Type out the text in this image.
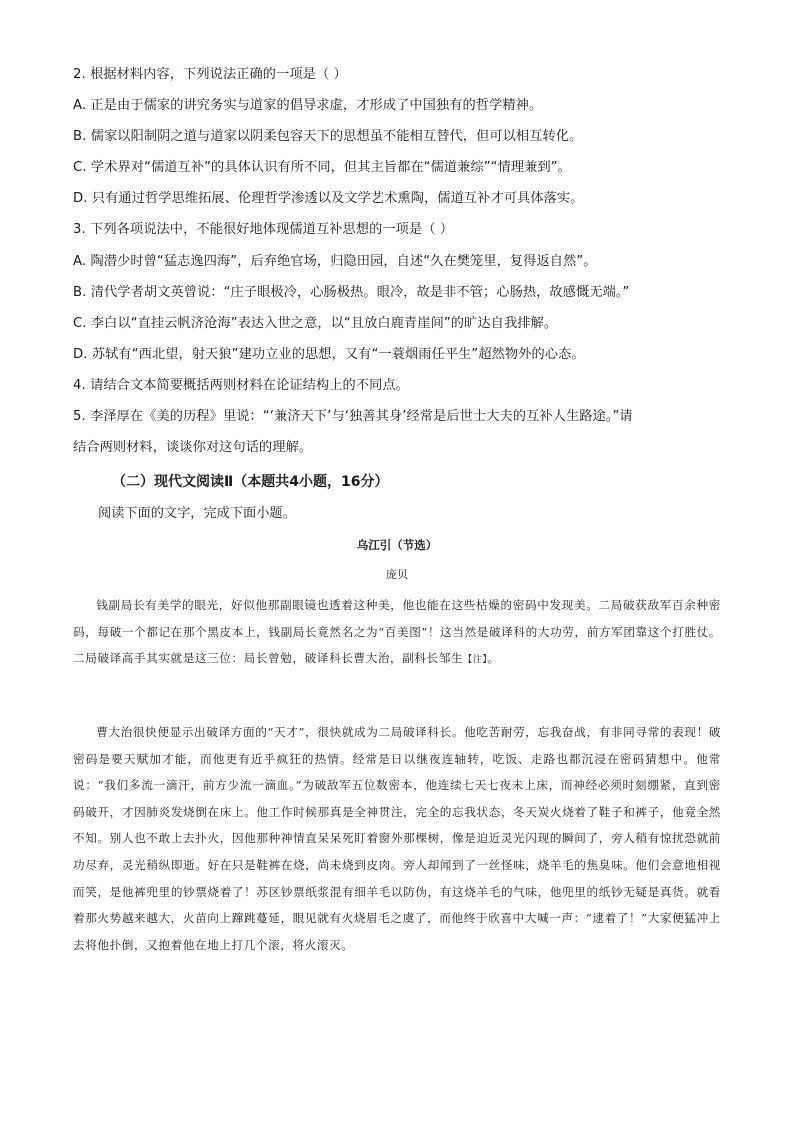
2. 根据材料内容，下列说法正确的一项是（ ）
A. 正是由于儒家的讲究务实与道家的倡导求虚，才形成了中国独有的哲学精神。
B. 儒家以阳制阴之道与道家以阴柔包容天下的思想虽不能相互替代，但可以相互转化。
C. 学术界对“儒道互补”的具体认识有所不同，但其主旨都在“儒道兼综”“情理兼到”。
D. 只有通过哲学思维拓展、伦理哲学渗透以及文学艺术熏陶，儒道互补才可具体落实。
3. 下列各项说法中，不能很好地体现儒道互补思想的一项是（ ）
A. 陶潜少时曾“猛志逸四海”，后弃绝官场，归隐田园，自述“久在樊笼里，复得返自然”。
B. 清代学者胡文英曾说：“庄子眼极冷，心肠极热。眼冷，故是非不管；心肠热，故感慨无端。”
C. 李白以“直挂云帆济沧海”表达入世之意，以“且放白鹿青崖间”的旷达自我排解。
D. 苏轼有“西北望，射天狼”建功立业的思想，又有“一蓑烟雨任平生”超然物外的心态。
4. 请结合文本简要概括两则材料在论证结构上的不同点。
5. 李泽厚在《美的历程》里说：“‘兼济天下’与‘独善其身’经常是后世士大夫的互补人生路途。”请
结合两则材料，谈谈你对这句话的理解。
（二）现代文阅读Ⅱ（本题共4小题，16分）
阅读下面的文字，完成下面小题。
乌江引（节选）
庞贝
钱副局长有美学的眼光，好似他那副眼镜也透着这种美，他也能在这些枯燥的密码中发现美。二局破获敌军百余种密码，每破一个都记在那个黑皮本上，钱副局长竟然名之为“百美图”！这当然是破译科的大功劳，前方军团靠这个打胜仗。二局破译高手其实就是这三位：局长曾勉，破译科长曹大治，副科长邹生【注】。
曹大治很快便显示出破译方面的“天才”，很快就成为二局破译科长。他吃苦耐劳，忘我奋战，有非同寻常的表现！破密码是要天赋加才能，而他更有近乎疯狂的热情。经常是日以继夜连轴转，吃饭、走路也都沉浸在密码猜想中。他常说：“我们多流一滴汗，前方少流一滴血。”为破敌军五位数密本，他连续七天七夜未上床，而神经必须时刻绷紧，直到密码破开，才因肺炎发烧倒在床上。他工作时候那真是全神贯注，完全的忘我状态，冬天炭火烧着了鞋子和裤子，他竟全然不知。别人也不敢上去扑火，因他那种神情直呆呆死盯着窗外那棵树，像是迫近灵光闪现的瞬间了，旁人稍有惊扰恐就前功尽弃，灵光稍纵即逝。好在只是鞋裤在烧，尚未烧到皮肉。旁人却闻到了一丝怪味，烧羊毛的焦臭味。他们会意地相视而笑，是他裤兜里的钞票烧着了！苏区钞票纸浆混有细羊毛以防伪，有这烧羊毛的气味，他兜里的纸钞无疑是真货。就看着那火势越来越大，火苗向上蹿跳蔓延，眼见就有火烧眉毛之虞了，而他终于欣喜中大喊一声：“逮着了！”大家便猛冲上去将他扑倒，又抱着他在地上打几个滚，将火滚灭。
